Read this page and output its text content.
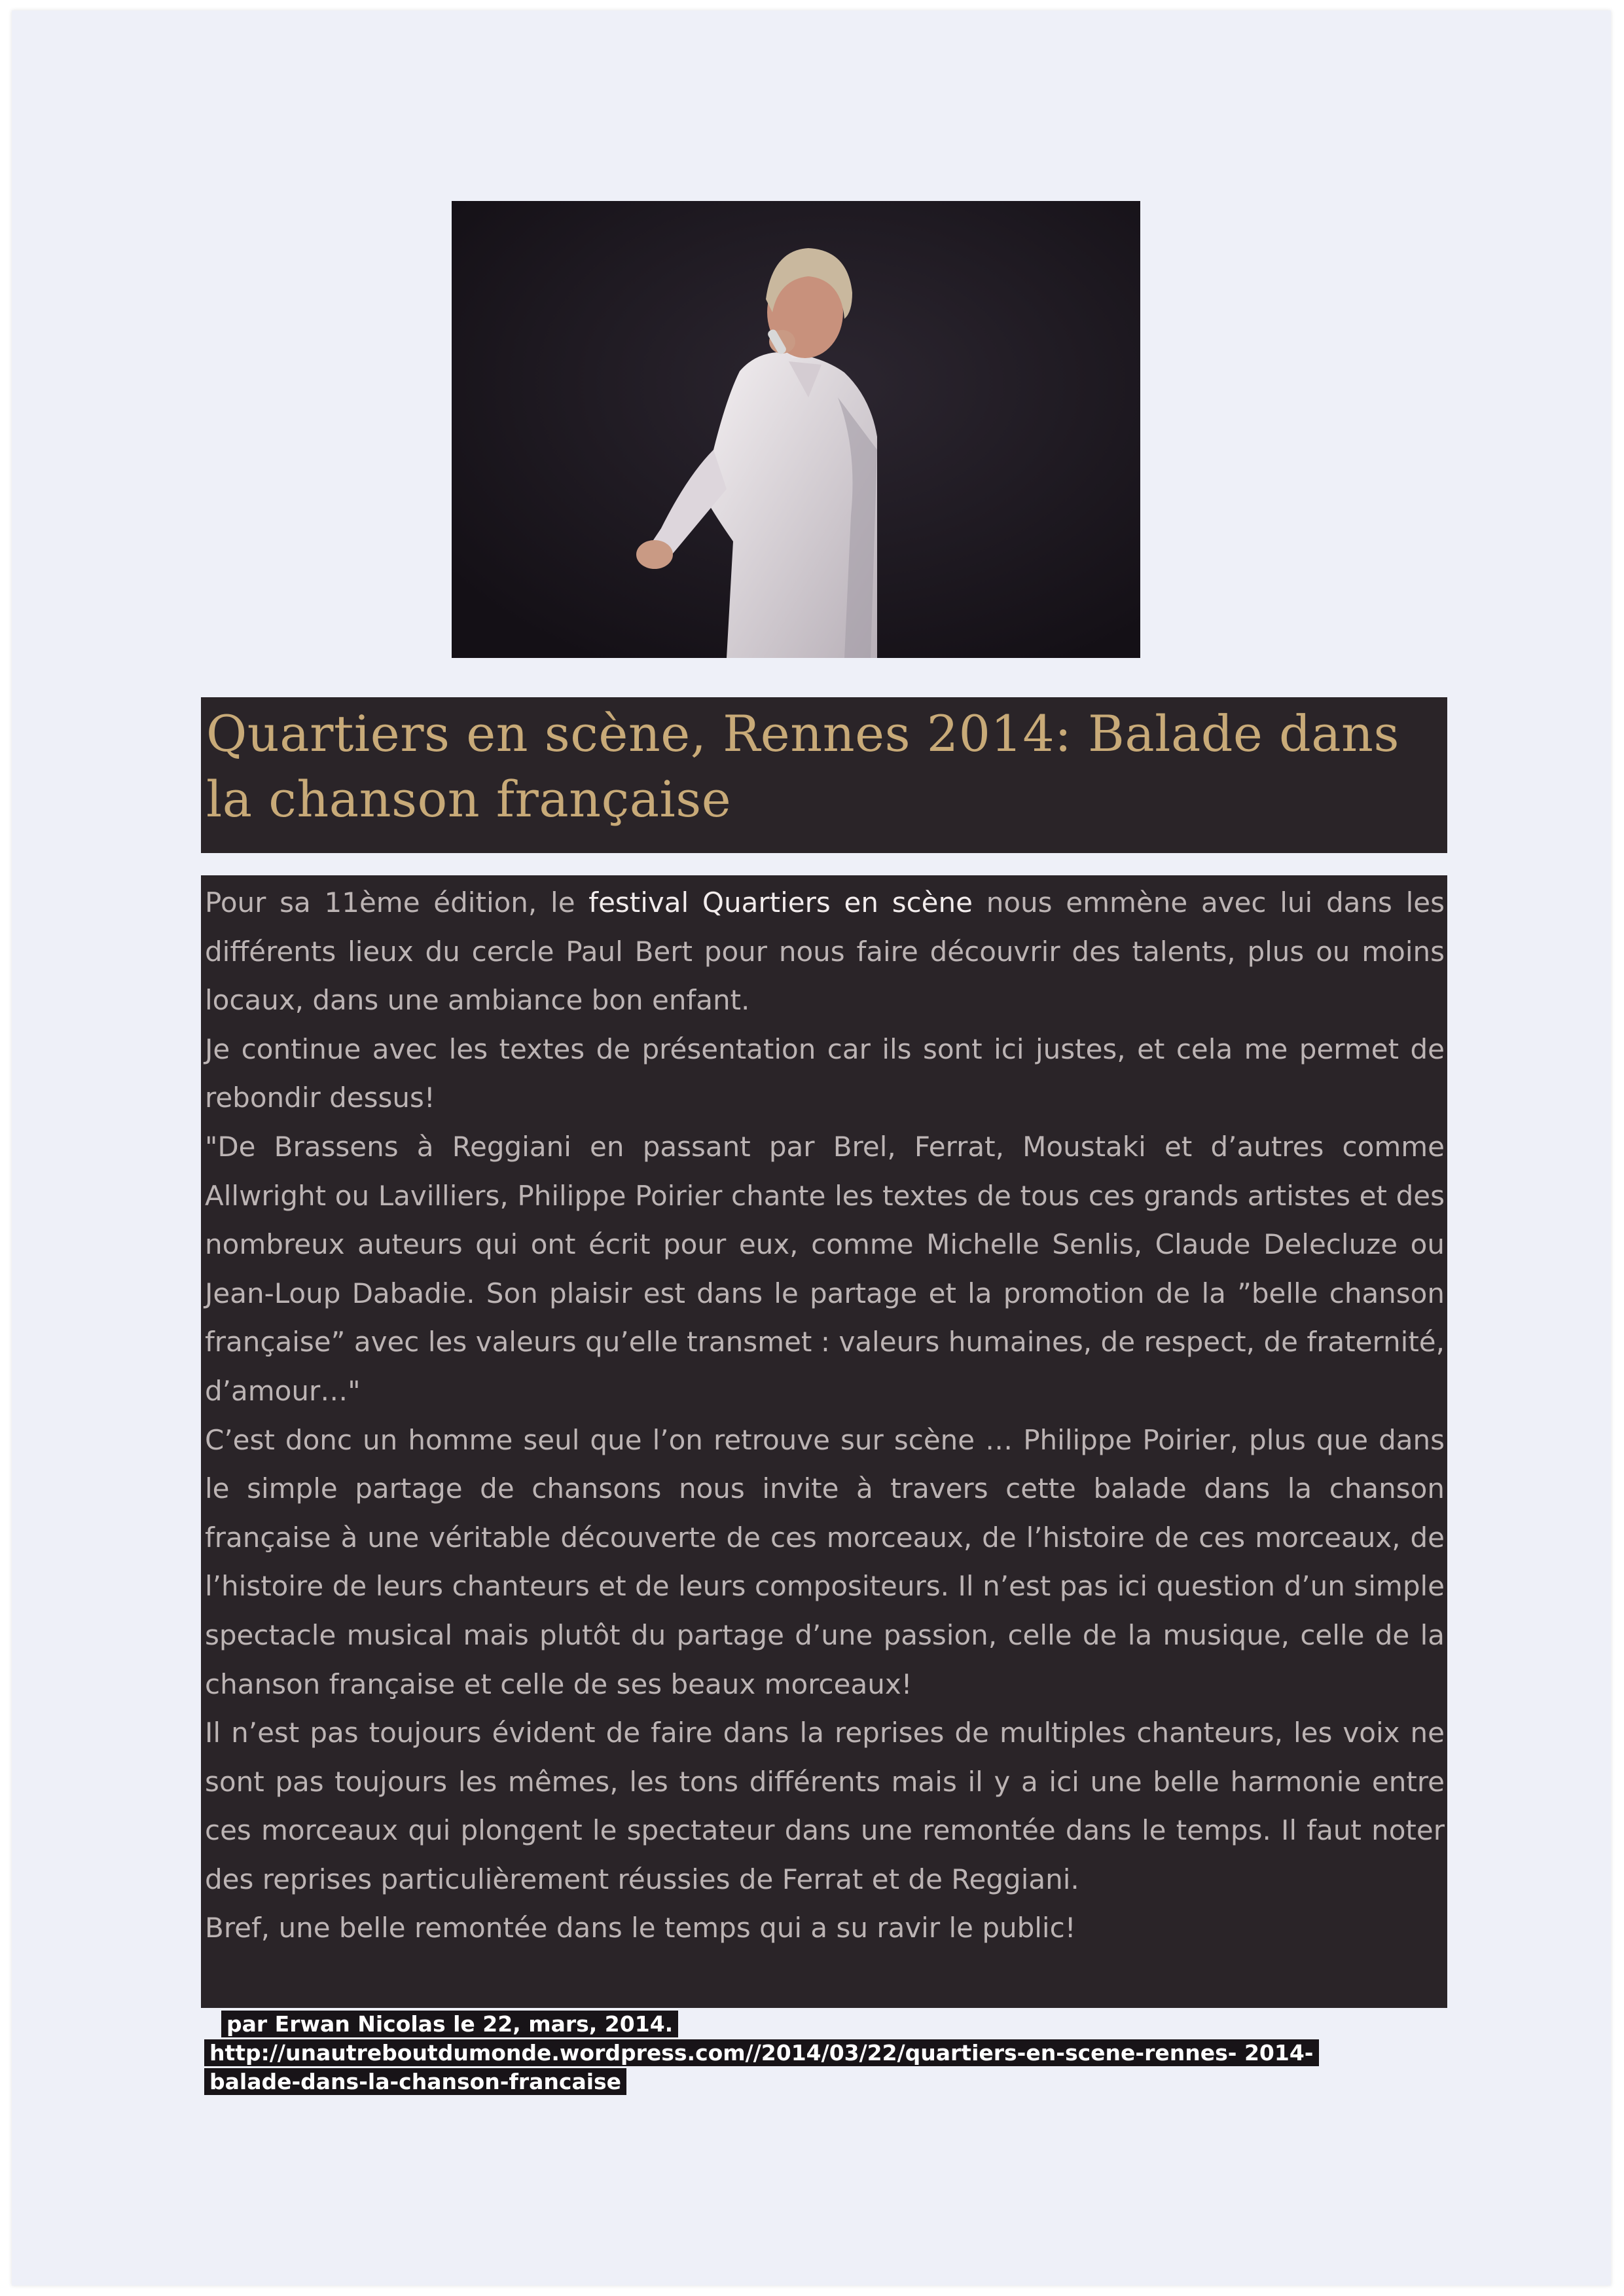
Quartiers en scène, Rennes 2014: Balade dans la chanson française

Pour sa 11ème édition, le festival Quartiers en scène nous emmène avec lui dans les différents lieux du cercle Paul Bert pour nous faire découvrir des talents, plus ou moins locaux, dans une ambiance bon enfant.

Je continue avec les textes de présentation car ils sont ici justes, et cela me permet de rebondir dessus!

"De Brassens à Reggiani en passant par Brel, Ferrat, Moustaki et d’autres comme Allwright ou Lavilliers, Philippe Poirier chante les textes de tous ces grands artistes et des nombreux auteurs qui ont écrit pour eux, comme Michelle Senlis, Claude Delecluze ou Jean-Loup Dabadie. Son plaisir est dans le partage et la promotion de la ”belle chanson française” avec les valeurs qu’elle transmet : valeurs humaines, de respect, de fraternité, d’amour…"

C’est donc un homme seul que l’on retrouve sur scène … Philippe Poirier, plus que dans le simple partage de chansons nous invite à travers cette balade dans la chanson française à une véritable découverte de ces morceaux, de l’histoire de ces morceaux, de l’histoire de leurs chanteurs et de leurs compositeurs. Il n’est pas ici question d’un simple spectacle musical mais plutôt du partage d’une passion, celle de la musique, celle de la chanson française et celle de ses beaux morceaux!

Il n’est pas toujours évident de faire dans la reprises de multiples chanteurs, les voix ne sont pas toujours les mêmes, les tons différents mais il y a ici une belle harmonie entre ces morceaux qui plongent le spectateur dans une remontée dans le temps. Il faut noter des reprises particulièrement réussies de Ferrat et de Reggiani.

Bref, une belle remontée dans le temps qui a su ravir le public!

par Erwan Nicolas le 22, mars, 2014.
http://unautreboutdumonde.wordpress.com//2014/03/22/quartiers-en-scene-rennes- 2014-
balade-dans-la-chanson-francaise
